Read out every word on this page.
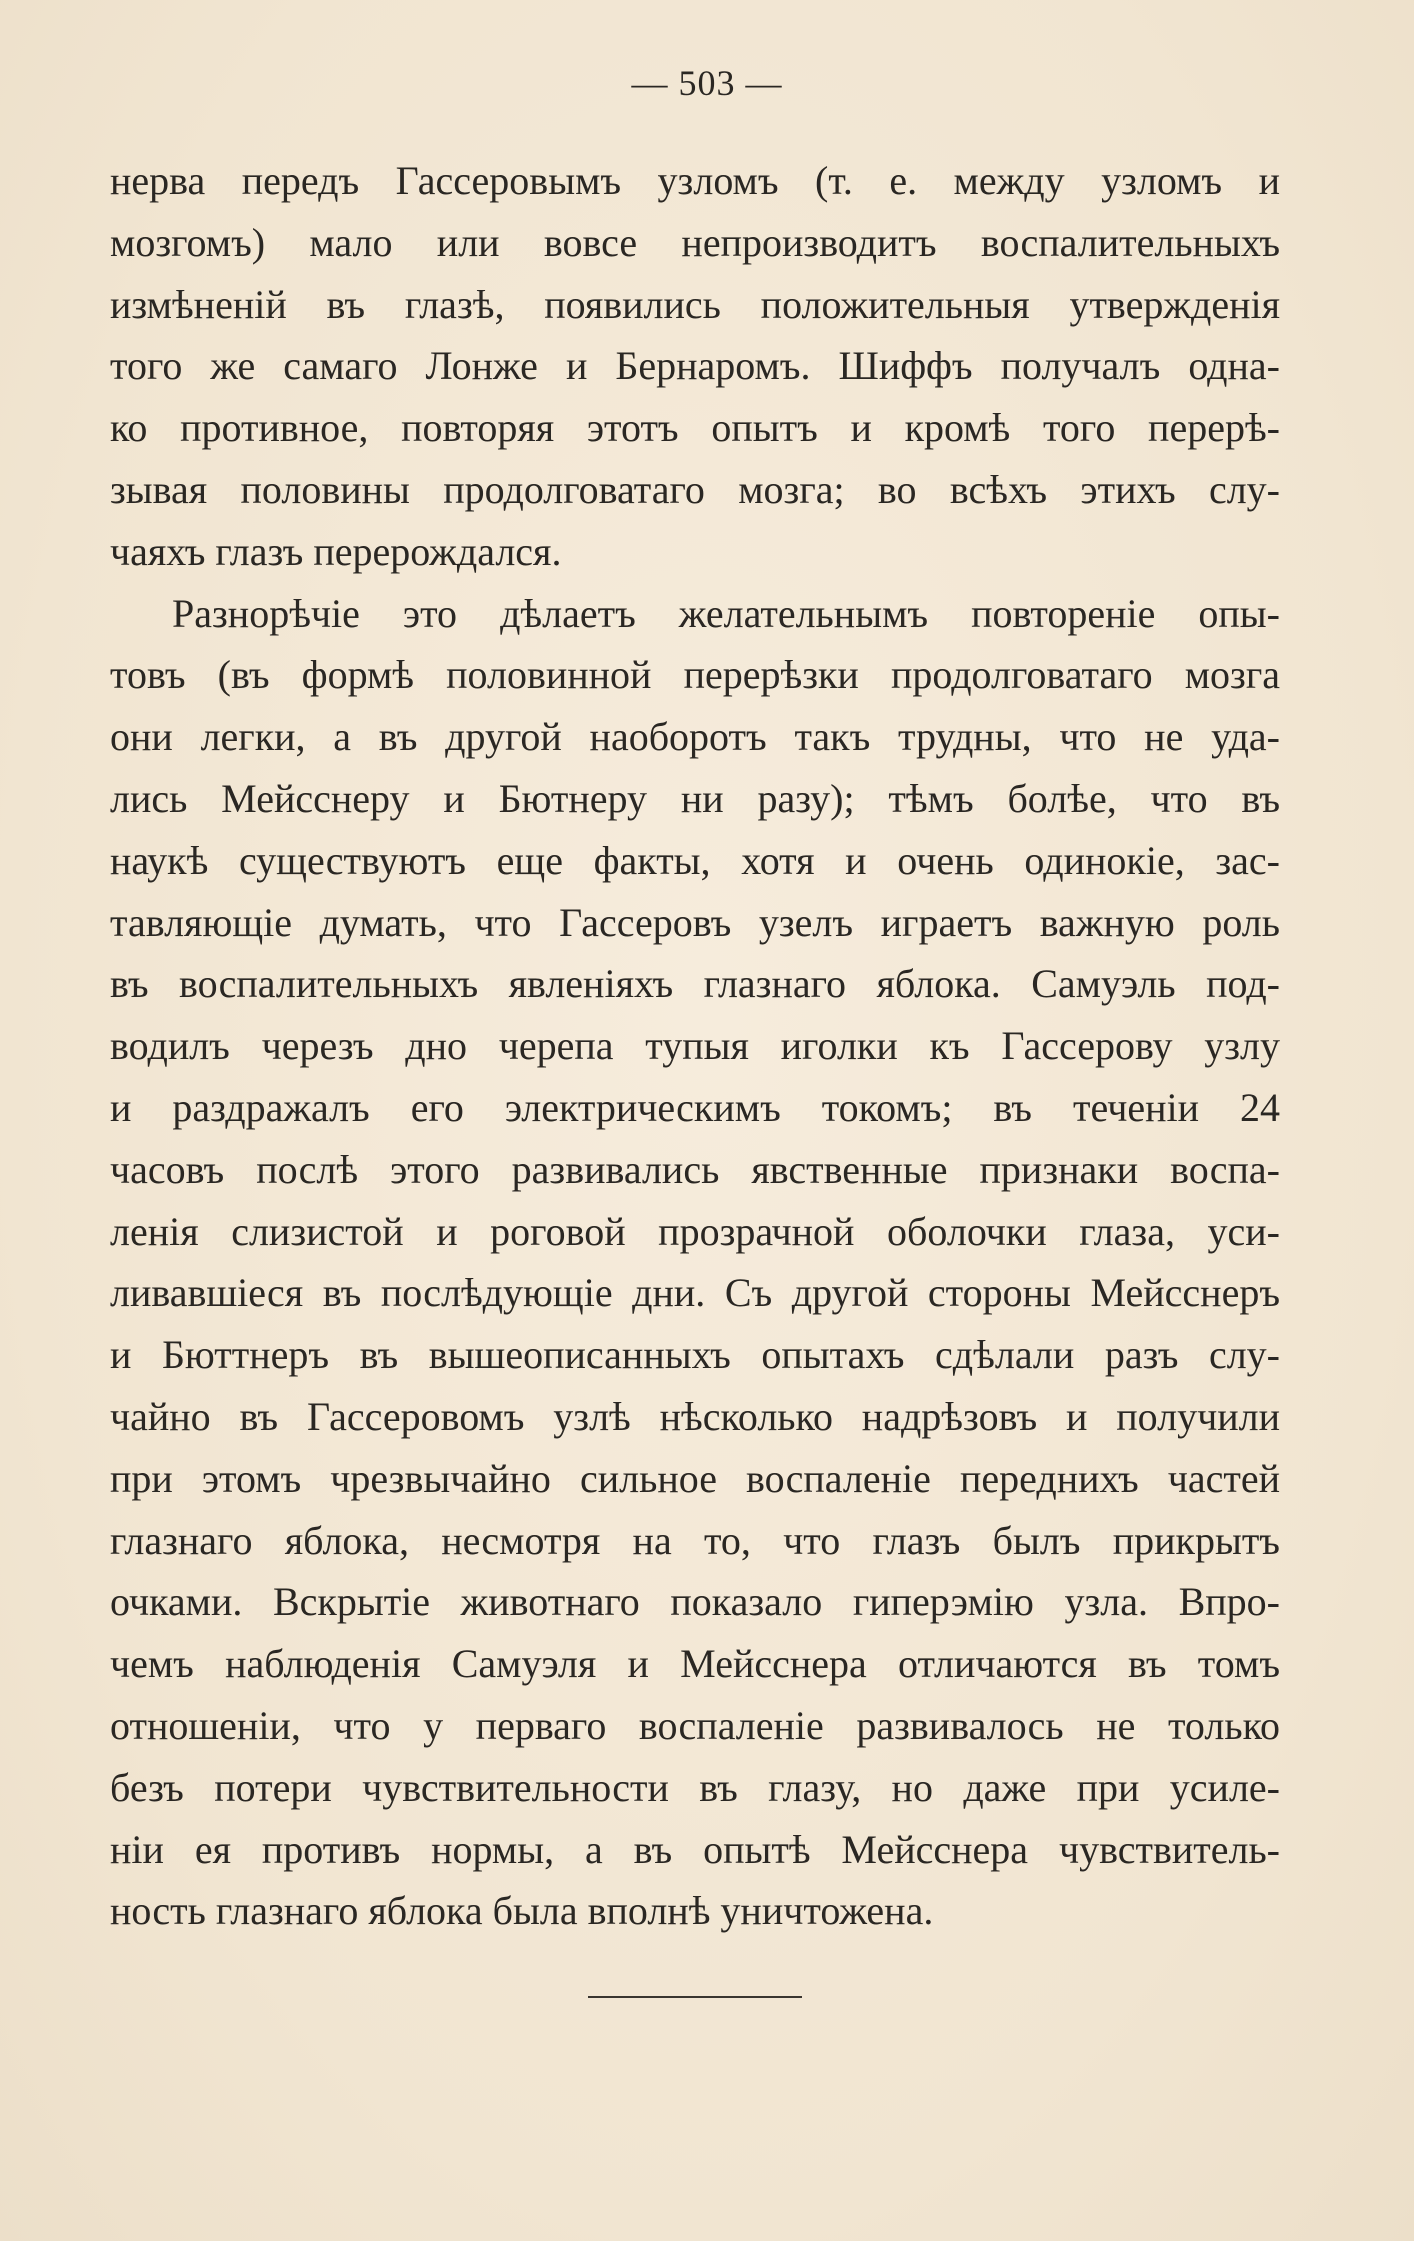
— 503 —
нерва передъ Гассеровымъ узломъ (т. е. между узломъ и
мозгомъ) мало или вовсе непроизводитъ воспалительныхъ
измѣненій въ глазѣ, появились положительныя утвержденія
того же самаго Лонже и Бернаромъ. Шиффъ получалъ одна-
ко противное, повторяя этотъ опытъ и кромѣ того перерѣ-
зывая половины продолговатаго мозга; во всѣхъ этихъ слу-
чаяхъ глазъ перерождался.
Разнорѣчіе это дѣлаетъ желательнымъ повтореніе опы-
товъ (въ формѣ половинной перерѣзки продолговатаго мозга
они легки, а въ другой наоборотъ такъ трудны, что не уда-
лись Мейсснеру и Бютнеру ни разу); тѣмъ болѣе, что въ
наукѣ существуютъ еще факты, хотя и очень одинокіе, зас-
тавляющіе думать, что Гассеровъ узелъ играетъ важную роль
въ воспалительныхъ явленіяхъ глазнаго яблока. Самуэль под-
водилъ черезъ дно черепа тупыя иголки къ Гассерову узлу
и раздражалъ его электрическимъ токомъ; въ теченіи 24
часовъ послѣ этого развивались явственные признаки воспа-
ленія слизистой и роговой прозрачной оболочки глаза, уси-
ливавшіеся въ послѣдующіе дни. Съ другой стороны Мейсснеръ
и Бюттнеръ въ вышеописанныхъ опытахъ сдѣлали разъ слу-
чайно въ Гассеровомъ узлѣ нѣсколько надрѣзовъ и получили
при этомъ чрезвычайно сильное воспаленіе переднихъ частей
глазнаго яблока, несмотря на то, что глазъ былъ прикрытъ
очками. Вскрытіе животнаго показало гиперэмію узла. Впро-
чемъ наблюденія Самуэля и Мейсснера отличаются въ томъ
отношеніи, что у перваго воспаленіе развивалось не только
безъ потери чувствительности въ глазу, но даже при усиле-
ніи ея противъ нормы, а въ опытѣ Мейсснера чувствитель-
ность глазнаго яблока была вполнѣ уничтожена.
